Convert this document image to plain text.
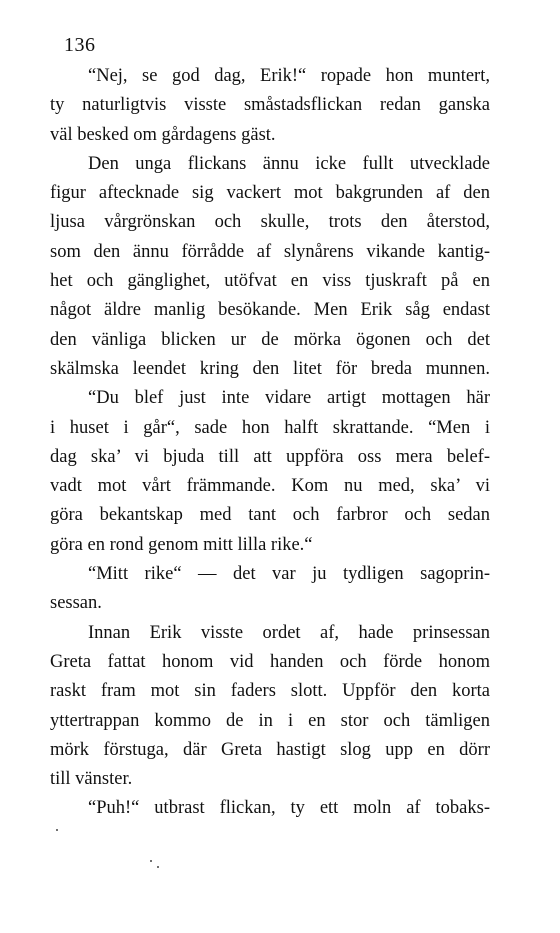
136
“Nej, se god dag, Erik!“ ropade hon muntert,
ty naturligtvis visste småstadsflickan redan ganska
väl besked om gårdagens gäst.
Den unga flickans ännu icke fullt utvecklade
figur aftecknade sig vackert mot bakgrunden af den
ljusa vårgrönskan och skulle, trots den återstod,
som den ännu förrådde af slynårens vikande kantig-
het och gänglighet, utöfvat en viss tjuskraft på en
något äldre manlig besökande. Men Erik såg endast
den vänliga blicken ur de mörka ögonen och det
skälmska leendet kring den litet för breda munnen.
“Du blef just inte vidare artigt mottagen här
i huset i går“, sade hon halft skrattande. “Men i
dag ska’ vi bjuda till att uppföra oss mera belef-
vadt mot vårt främmande. Kom nu med, ska’ vi
göra bekantskap med tant och farbror och sedan
göra en rond genom mitt lilla rike.“
“Mitt rike“ — det var ju tydligen sagoprin-
sessan.
Innan Erik visste ordet af, hade prinsessan
Greta fattat honom vid handen och förde honom
raskt fram mot sin faders slott. Uppför den korta
yttertrappan kommo de in i en stor och tämligen
mörk förstuga, där Greta hastigt slog upp en dörr
till vänster.
“Puh!“ utbrast flickan, ty ett moln af tobaks-
